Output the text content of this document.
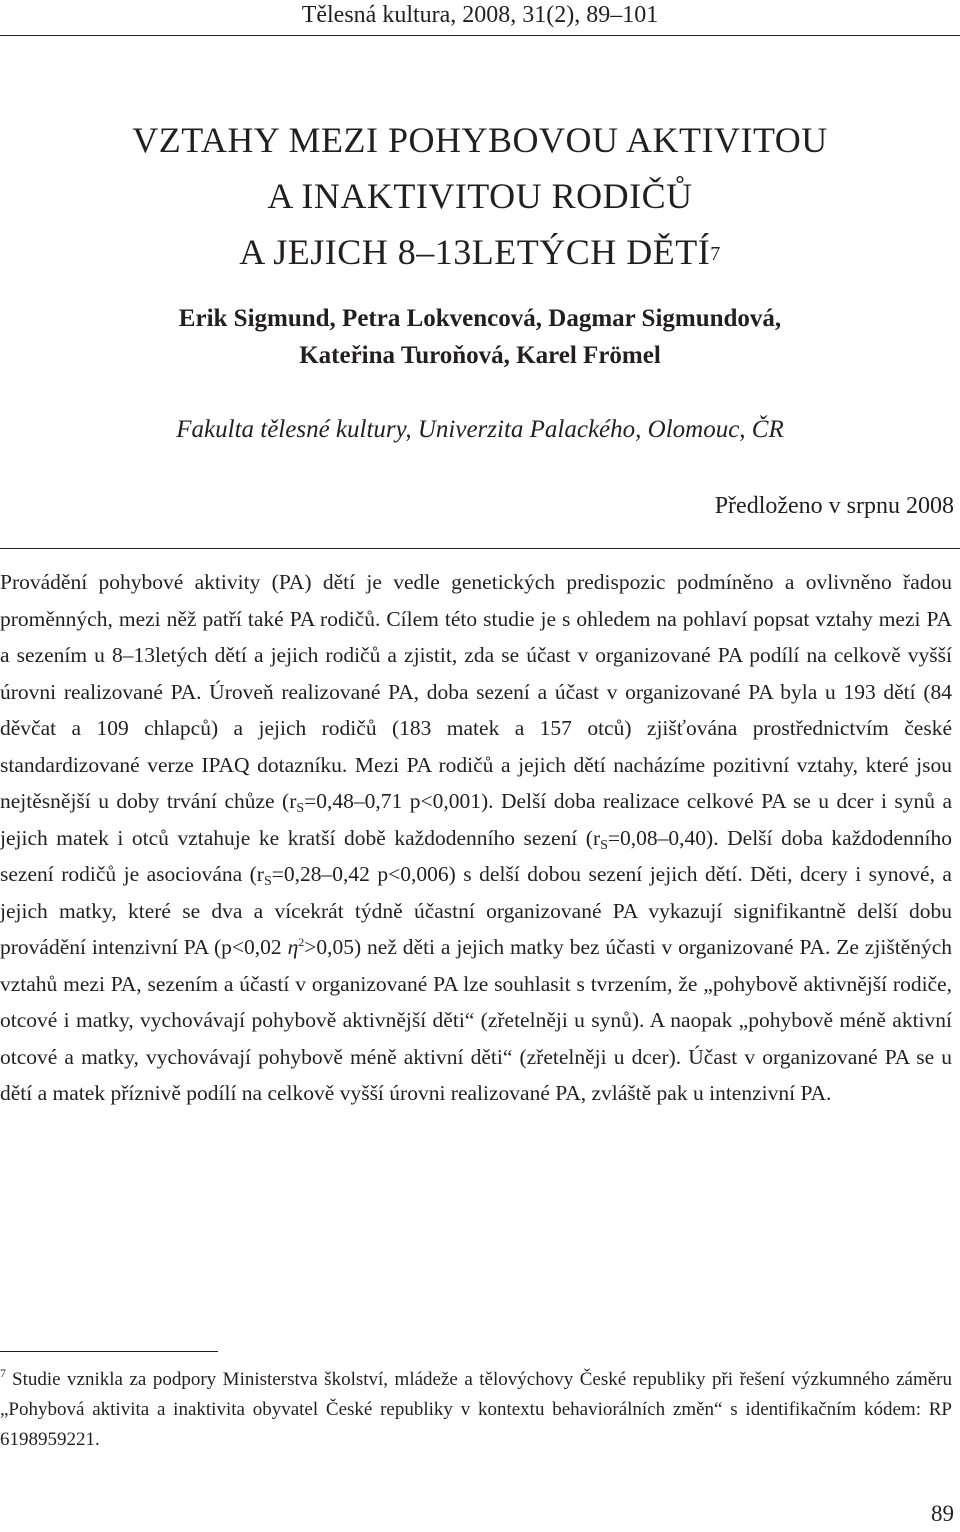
Tělesná kultura, 2008, 31(2), 89–101
VZTAHY MEZI POHYBOVOU AKTIVITOU
A INAKTIVITOU RODIČŮ
A JEJICH 8–13LETÝCH DĚTÍ$^7$
Erik Sigmund, Petra Lokvencová, Dagmar Sigmundová,
Kateřina Turoňová, Karel Frömel
Fakulta tělesné kultury, Univerzita Palackého, Olomouc, ČR
Předloženo v srpnu 2008

Provádění pohybové aktivity (PA) dětí je vedle genetických predispozic podmíněno a ovlivněno řadou proměnných, mezi něž patří také PA rodičů. Cílem této studie je s ohledem na pohlaví popsat vztahy mezi PA a sezením u 8–13letých dětí a jejich rodičů a zjistit, zda se účast v organizované PA podílí na celkově vyšší úrovni realizované PA. Úroveň realizované PA, doba sezení a účast v organizované PA byla u 193 dětí (84 děvčat a 109 chlapců) a jejich rodičů (183 matek a 157 otců) zjišťována prostřednictvím české standardizované verze IPAQ dotazníku. Mezi PA rodičů a jejich dětí nacházíme pozitivní vztahy, které jsou nejtěsnější u doby trvání chůze ($r_S=0,48-0,71$ p<0,001). Delší doba realizace celkové PA se u dcer i synů a jejich matek i otců vztahuje ke kratší době každodenního sezení $(r_S=0,08-0,40)$. Delší doba každodenního sezení rodičů je asociována ($r_S=0,28-0,42$ p<0,006) s delší dobou sezení jejich dětí. Děti, dcery i synové, a jejich matky, které se dva a vícekrát týdně účastní organizované PA vykazují signifikantně delší dobu provádění intenzivní PA (p<0,02 $\eta^2>0,05$) než děti a jejich matky bez účasti v organizované PA. Ze zjištěných vztahů mezi PA, sezením a účastí v organizované PA lze souhlasit s tvrzením, že „pohybově aktivnější rodiče, otcové i matky, vychovávají pohybově aktivnější děti“ (zřetelněji u synů). A naopak „pohybově méně aktivní otcové a matky, vychovávají pohybově méně aktivní děti“ (zřetelněji u dcer). Účast v organizované PA se u dětí a matek příznivě podílí na celkově vyšší úrovni realizované PA, zvláště pak u intenzivní PA.

$^7$ Studie vznikla za podpory Ministerstva školství, mládeže a tělovýchovy České republiky při řešení výzkumného záměru „Pohybová aktivita a inaktivita obyvatel České republiky v kontextu behaviorálních změn“ s identifikačním kódem: RP 6198959221.
89
